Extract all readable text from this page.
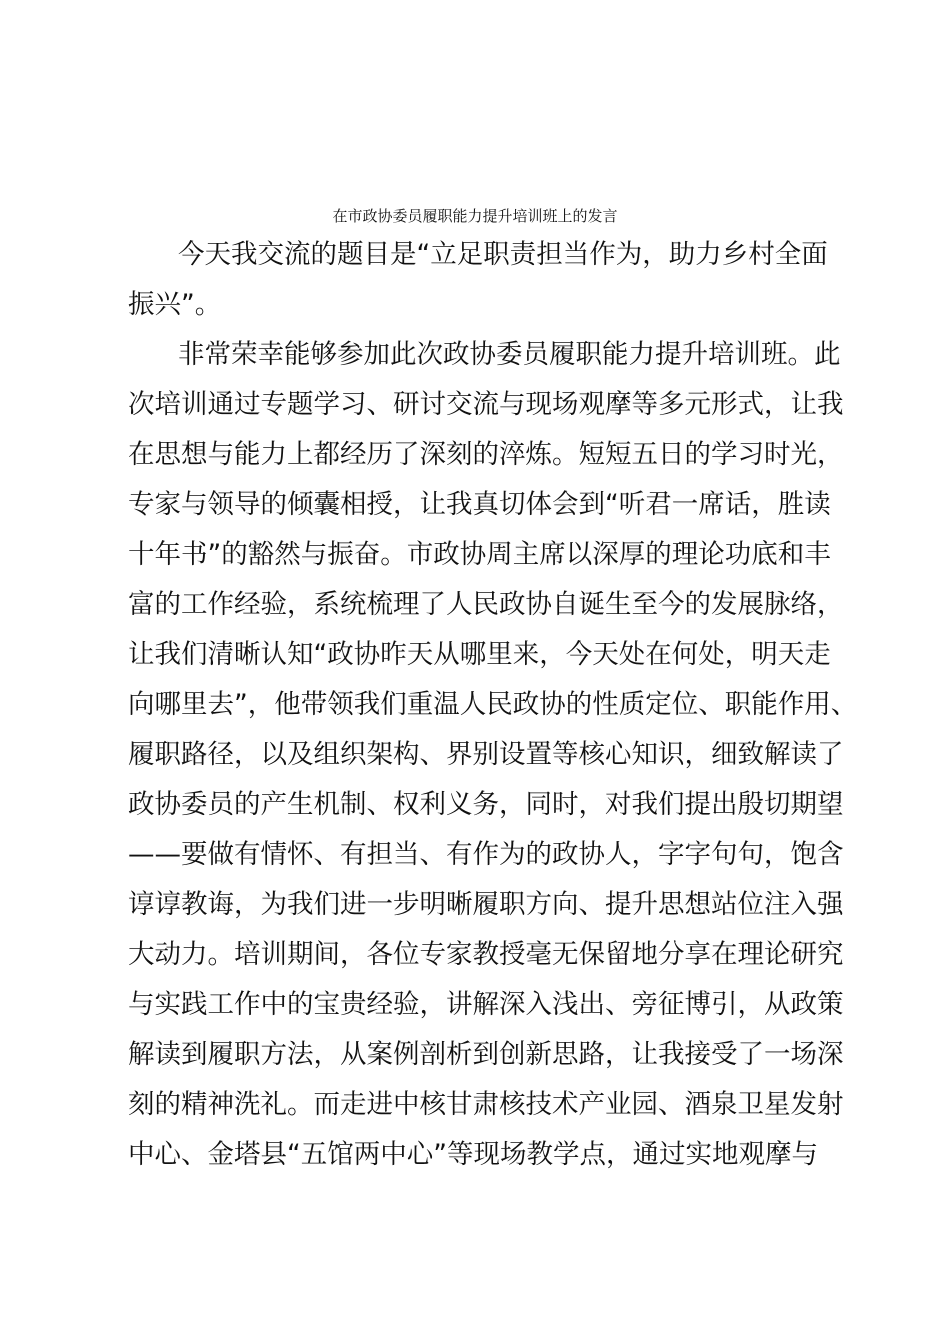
在市政协委员履职能力提升培训班上的发言
今天我交流的题目是“立足职责担当作为，助力乡村全面
振兴”。
非常荣幸能够参加此次政协委员履职能力提升培训班。此
次培训通过专题学习、研讨交流与现场观摩等多元形式，让我
在思想与能力上都经历了深刻的淬炼。短短五日的学习时光，
专家与领导的倾囊相授，让我真切体会到“听君一席话，胜读
十年书”的豁然与振奋。市政协周主席以深厚的理论功底和丰
富的工作经验，系统梳理了人民政协自诞生至今的发展脉络，
让我们清晰认知“政协昨天从哪里来，今天处在何处，明天走
向哪里去”，他带领我们重温人民政协的性质定位、职能作用、
履职路径，以及组织架构、界别设置等核心知识，细致解读了
政协委员的产生机制、权利义务，同时，对我们提出殷切期望
——要做有情怀、有担当、有作为的政协人，字字句句，饱含
谆谆教诲，为我们进一步明晰履职方向、提升思想站位注入强
大动力。培训期间，各位专家教授毫无保留地分享在理论研究
与实践工作中的宝贵经验，讲解深入浅出、旁征博引，从政策
解读到履职方法，从案例剖析到创新思路，让我接受了一场深
刻的精神洗礼。而走进中核甘肃核技术产业园、酒泉卫星发射
中心、金塔县“五馆两中心”等现场教学点，通过实地观摩与
